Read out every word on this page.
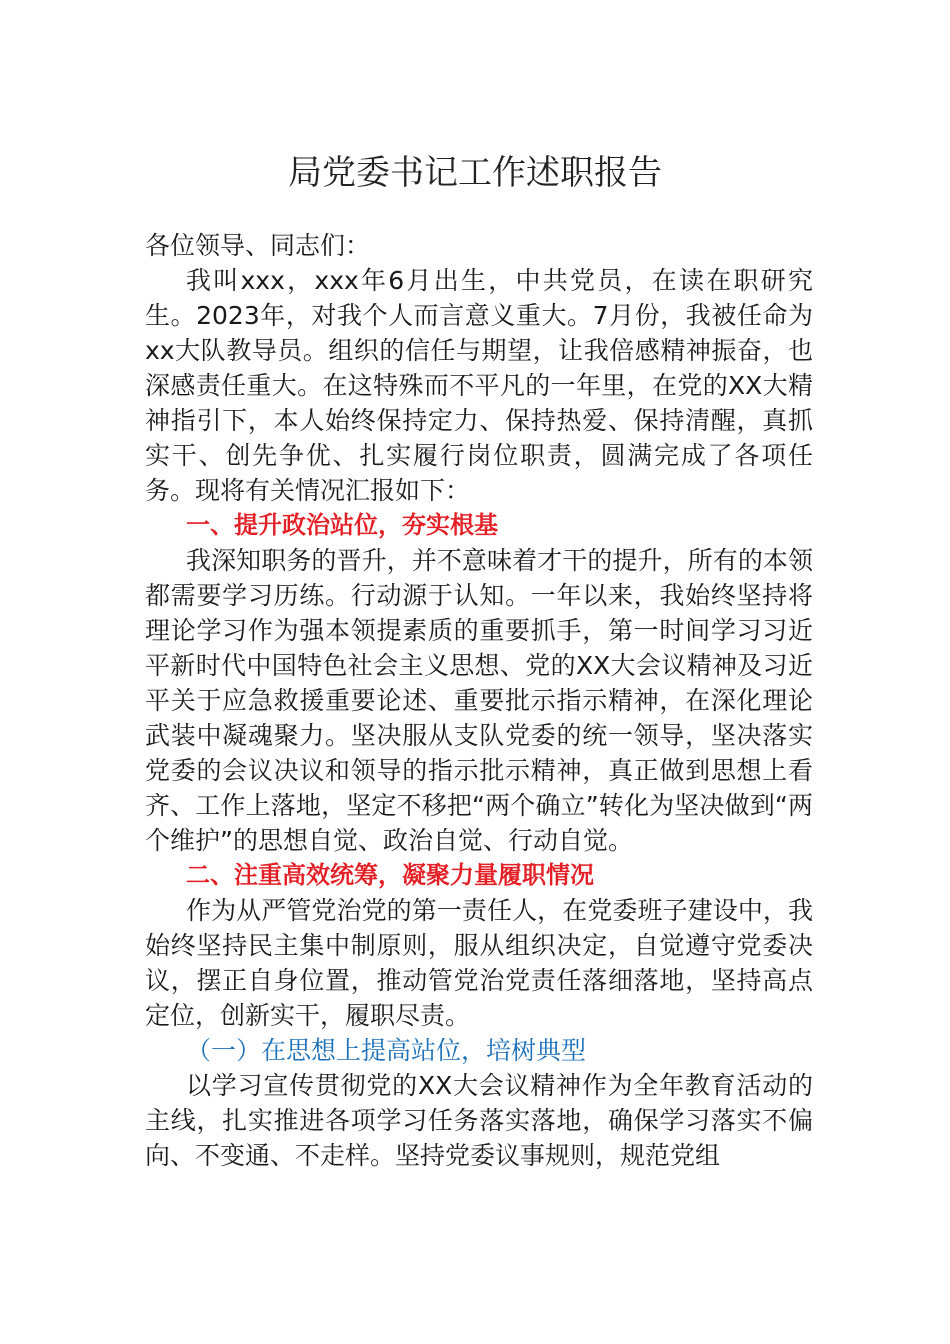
局党委书记工作述职报告

各位领导、同志们：

我叫xxx，xxx年6月出生，中共党员，在读在职研究生。2023年，对我个人而言意义重大。7月份，我被任命为xx大队教导员。组织的信任与期望，让我倍感精神振奋，也深感责任重大。在这特殊而不平凡的一年里，在党的XX大精神指引下，本人始终保持定力、保持热爱、保持清醒，真抓实干、创先争优、扎实履行岗位职责，圆满完成了各项任务。现将有关情况汇报如下：

一、提升政治站位，夯实根基

我深知职务的晋升，并不意味着才干的提升，所有的本领都需要学习历练。行动源于认知。一年以来，我始终坚持将理论学习作为强本领提素质的重要抓手，第一时间学习习近平新时代中国特色社会主义思想、党的XX大会议精神及习近平关于应急救援重要论述、重要批示指示精神，在深化理论武装中凝魂聚力。坚决服从支队党委的统一领导，坚决落实党委的会议决议和领导的指示批示精神，真正做到思想上看齐、工作上落地，坚定不移把“两个确立”转化为坚决做到“两个维护”的思想自觉、政治自觉、行动自觉。

二、注重高效统筹，凝聚力量履职情况

作为从严管党治党的第一责任人，在党委班子建设中，我始终坚持民主集中制原则，服从组织决定，自觉遵守党委决议，摆正自身位置，推动管党治党责任落细落地，坚持高点定位，创新实干，履职尽责。

（一）在思想上提高站位，培树典型

以学习宣传贯彻党的XX大会议精神作为全年教育活动的主线，扎实推进各项学习任务落实落地，确保学习落实不偏向、不变通、不走样。坚持党委议事规则，规范党组
